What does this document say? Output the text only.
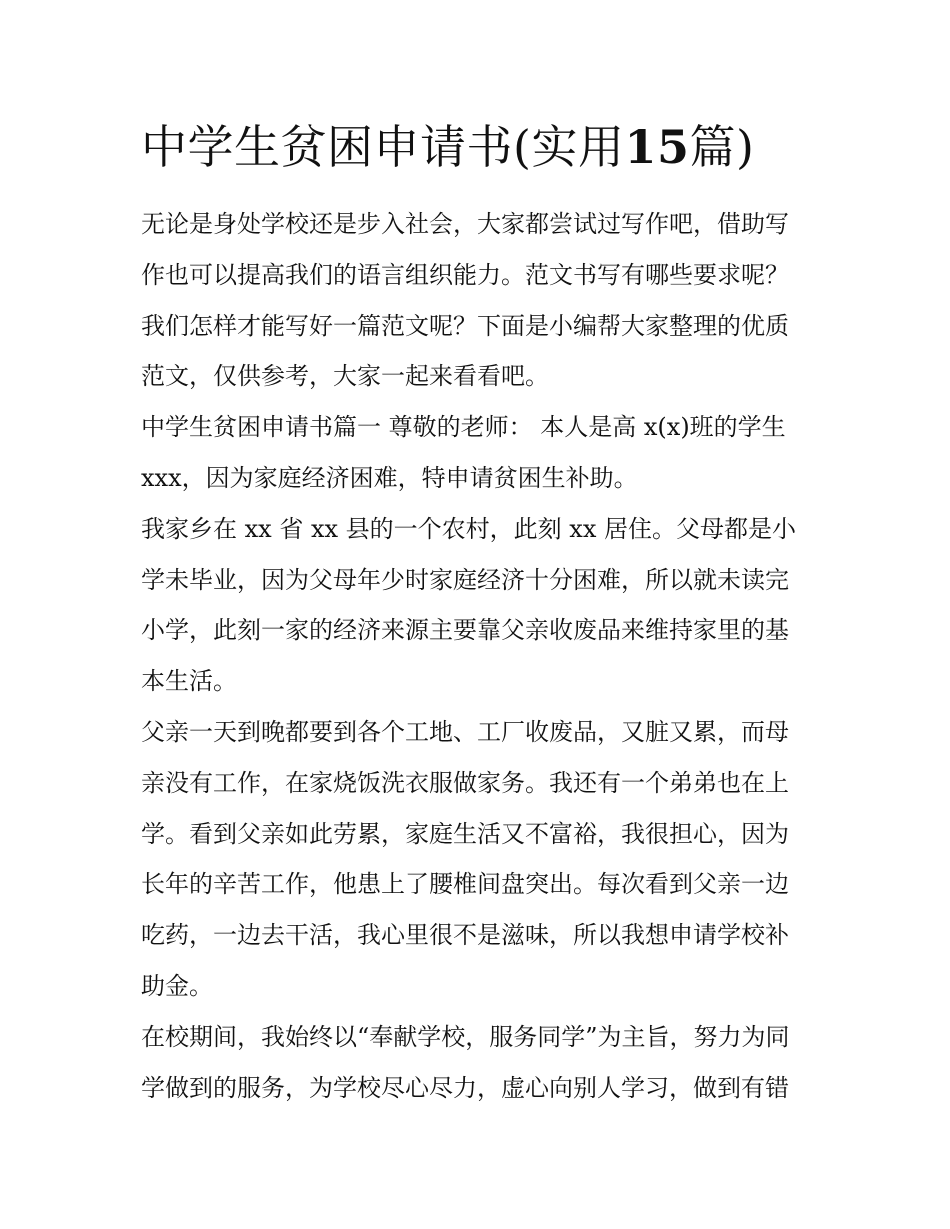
中学生贫困申请书(实用15篇)

无论是身处学校还是步入社会，大家都尝试过写作吧，借助写
作也可以提高我们的语言组织能力。范文书写有哪些要求呢？
我们怎样才能写好一篇范文呢？下面是小编帮大家整理的优质
范文，仅供参考，大家一起来看看吧。

中学生贫困申请书篇一 尊敬的老师： 本人是高 x(x)班的学生
xxx，因为家庭经济困难，特申请贫困生补助。

我家乡在 xx 省 xx 县的一个农村，此刻 xx 居住。父母都是小
学未毕业，因为父母年少时家庭经济十分困难，所以就未读完
小学，此刻一家的经济来源主要靠父亲收废品来维持家里的基
本生活。

父亲一天到晚都要到各个工地、工厂收废品，又脏又累，而母
亲没有工作，在家烧饭洗衣服做家务。我还有一个弟弟也在上
学。看到父亲如此劳累，家庭生活又不富裕，我很担心，因为
长年的辛苦工作，他患上了腰椎间盘突出。每次看到父亲一边
吃药，一边去干活，我心里很不是滋味，所以我想申请学校补
助金。

在校期间，我始终以“奉献学校，服务同学”为主旨，努力为同
学做到的服务，为学校尽心尽力，虚心向别人学习，做到有错
